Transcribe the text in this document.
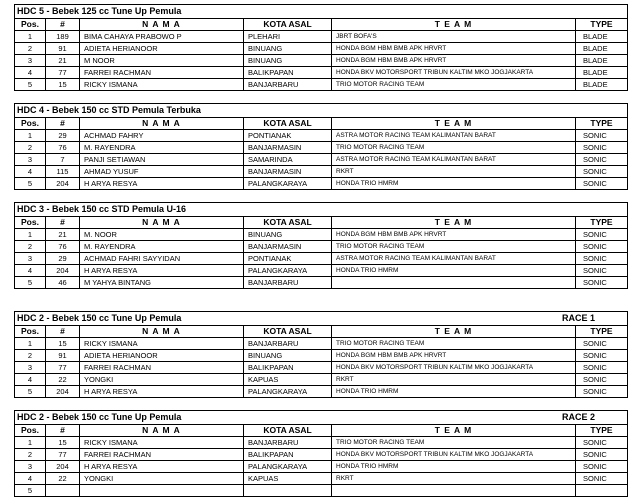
HDC 5 - Bebek 125 cc Tune Up Pemula
Pos.	#	N A M A	KOTA ASAL	T E A M	TYPE
1	189	BIMA CAHAYA PRABOWO P	PLEHARI	JBRT BOFA'S	BLADE
2	91	ADIETA HERIANOOR	BINUANG	HONDA BGM HBM BMB APK HRVRT	BLADE
3	21	M NOOR	BINUANG	HONDA BGM HBM BMB APK HRVRT	BLADE
4	77	FARREI RACHMAN	BALIKPAPAN	HONDA BKV MOTORSPORT TRIBUN KALTIM MKO JOGJAKARTA	BLADE
5	15	RICKY ISMANA	BANJARBARU	TRIO MOTOR RACING TEAM	BLADE
HDC 4 - Bebek 150 cc STD Pemula Terbuka
Pos.	#	N A M A	KOTA ASAL	T E A M	TYPE
1	29	ACHMAD FAHRY	PONTIANAK	ASTRA MOTOR RACING TEAM KALIMANTAN BARAT	SONIC
2	76	M. RAYENDRA	BANJARMASIN	TRIO MOTOR RACING TEAM	SONIC
3	7	PANJI SETIAWAN	SAMARINDA	ASTRA MOTOR RACING TEAM KALIMANTAN BARAT	SONIC
4	115	AHMAD YUSUF	BANJARMASIN	RKRT	SONIC
5	204	H ARYA RESYA	PALANGKARAYA	HONDA TRIO HMRM	SONIC
HDC 3 - Bebek 150 cc STD Pemula U-16
Pos.	#	N A M A	KOTA ASAL	T E A M	TYPE
1	21	M. NOOR	BINUANG	HONDA BGM HBM BMB APK HRVRT	SONIC
2	76	M. RAYENDRA	BANJARMASIN	TRIO MOTOR RACING TEAM	SONIC
3	29	ACHMAD FAHRI SAYYIDAN	PONTIANAK	ASTRA MOTOR RACING TEAM KALIMANTAN BARAT	SONIC
4	204	H ARYA RESYA	PALANGKARAYA	HONDA TRIO HMRM	SONIC
5	46	M YAHYA BINTANG	BANJARBARU		SONIC
HDC 2 - Bebek 150 cc Tune Up Pemula	RACE 1
Pos.	#	N A M A	KOTA ASAL	T E A M	TYPE
1	15	RICKY ISMANA	BANJARBARU	TRIO MOTOR RACING TEAM	SONIC
2	91	ADIETA HERIANOOR	BINUANG	HONDA BGM HBM BMB APK HRVRT	SONIC
3	77	FARREI RACHMAN	BALIKPAPAN	HONDA BKV MOTORSPORT TRIBUN KALTIM MKO JOGJAKARTA	SONIC
4	22	YONGKI	KAPUAS	RKRT	SONIC
5	204	H ARYA RESYA	PALANGKARAYA	HONDA TRIO HMRM	SONIC
HDC 2 - Bebek 150 cc Tune Up Pemula	RACE 2
Pos.	#	N A M A	KOTA ASAL	T E A M	TYPE
1	15	RICKY ISMANA	BANJARBARU	TRIO MOTOR RACING TEAM	SONIC
2	77	FARREI RACHMAN	BALIKPAPAN	HONDA BKV MOTORSPORT TRIBUN KALTIM MKO JOGJAKARTA	SONIC
3	204	H ARYA RESYA	PALANGKARAYA	HONDA TRIO HMRM	SONIC
4	22	YONGKI	KAPUAS	RKRT	SONIC
5					
